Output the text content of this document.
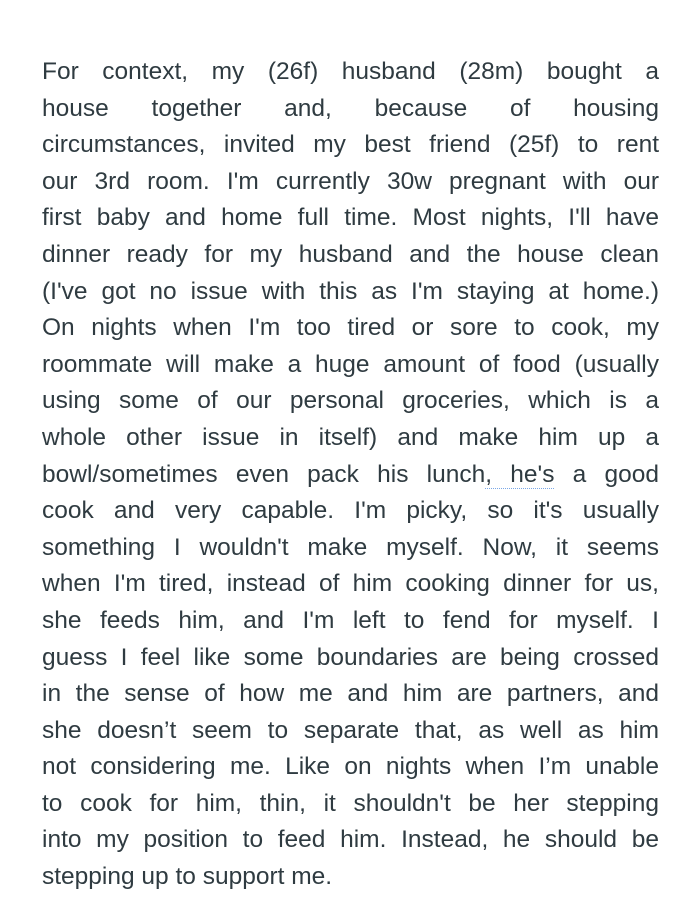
For context, my (26f) husband (28m) bought a
house together and, because of housing
circumstances, invited my best friend (25f) to rent
our 3rd room. I'm currently 30w pregnant with our
first baby and home full time. Most nights, I'll have
dinner ready for my husband and the house clean
(I've got no issue with this as I'm staying at home.)
On nights when I'm too tired or sore to cook, my
roommate will make a huge amount of food (usually
using some of our personal groceries, which is a
whole other issue in itself) and make him up a
bowl/sometimes even pack his lunch, he's a good
cook and very capable. I'm picky, so it's usually
something I wouldn't make myself. Now, it seems
when I'm tired, instead of him cooking dinner for us,
she feeds him, and I'm left to fend for myself. I
guess I feel like some boundaries are being crossed
in the sense of how me and him are partners, and
she doesn’t seem to separate that, as well as him
not considering me. Like on nights when I’m unable
to cook for him, thin, it shouldn't be her stepping
into my position to feed him. Instead, he should be
stepping up to support me.
